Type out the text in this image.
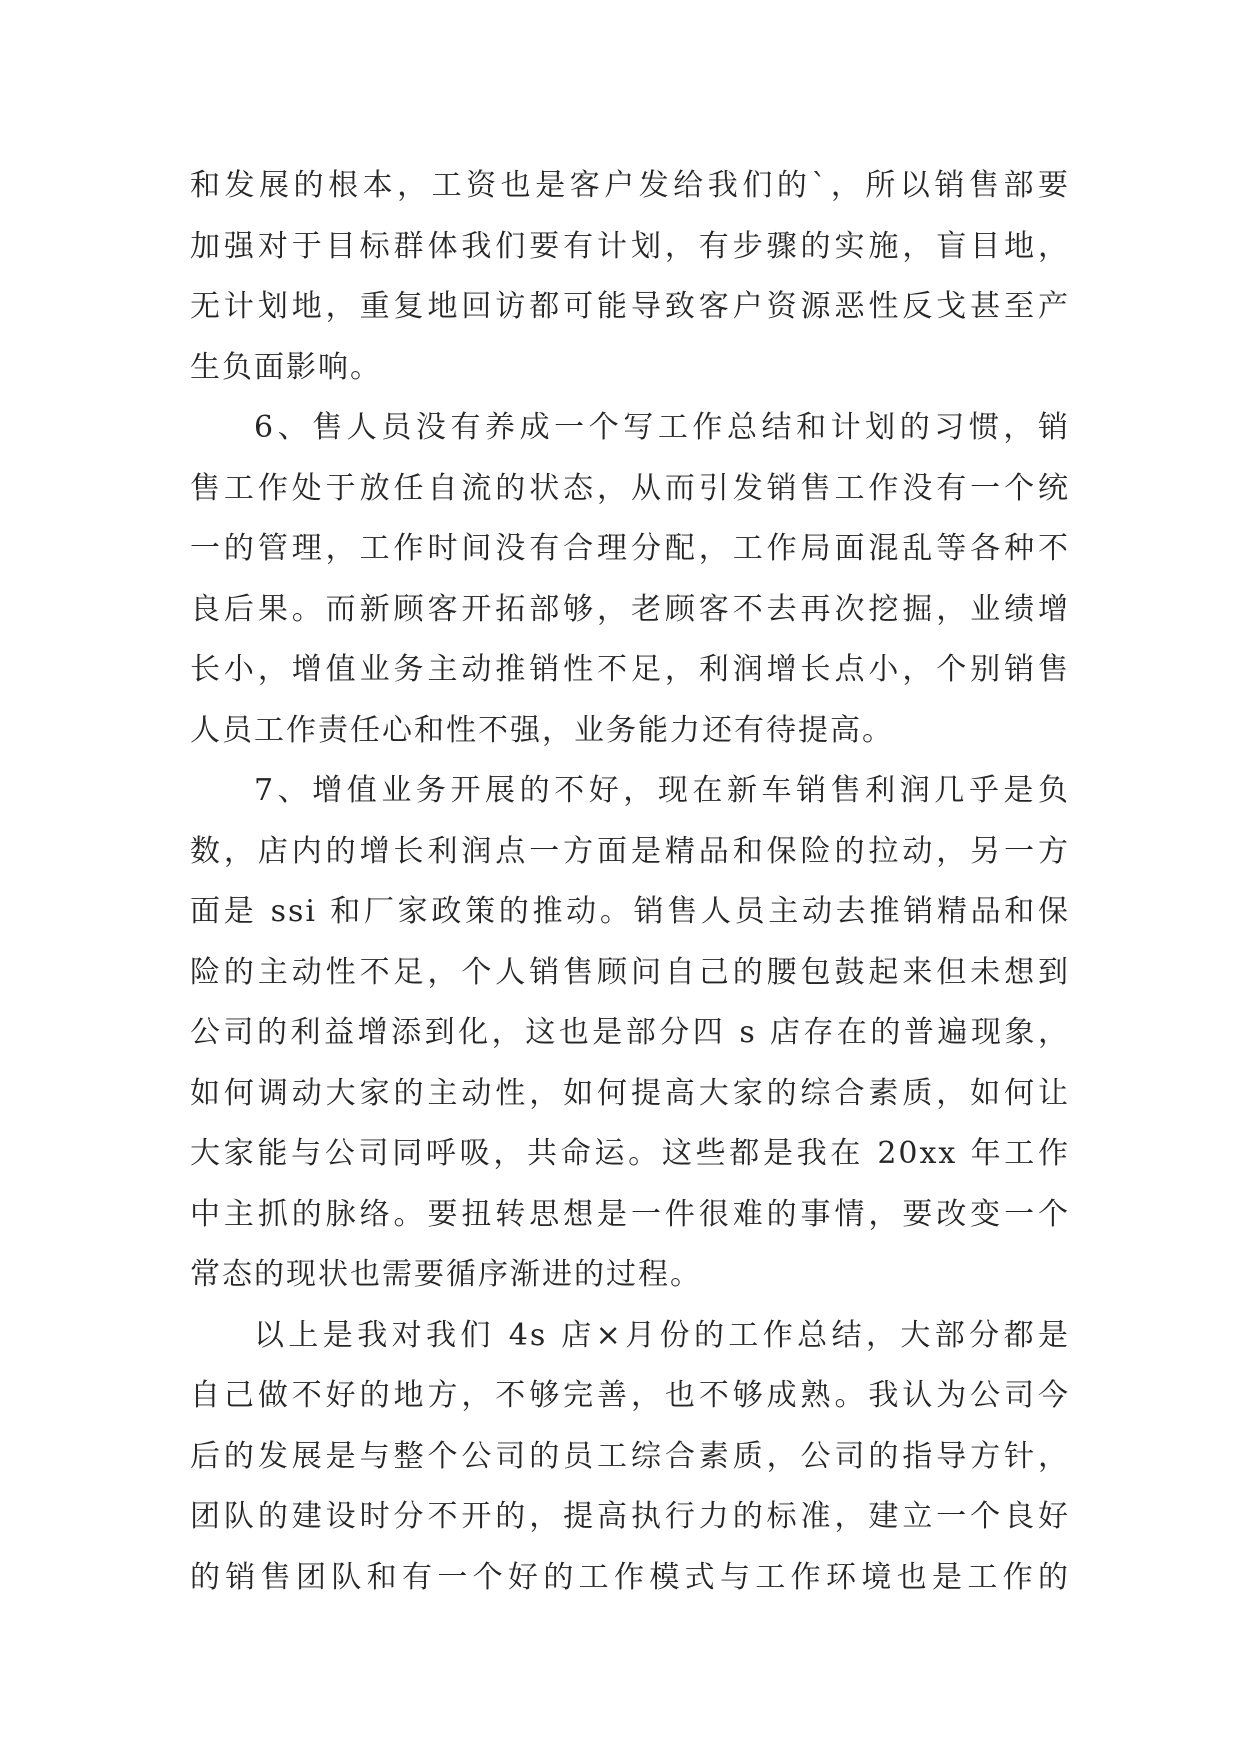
和发展的根本，工资也是客户发给我们的`，所以销售部要
加强对于目标群体我们要有计划，有步骤的实施，盲目地，
无计划地，重复地回访都可能导致客户资源恶性反戈甚至产
生负面影响。
6、售人员没有养成一个写工作总结和计划的习惯，销
售工作处于放任自流的状态，从而引发销售工作没有一个统
一的管理，工作时间没有合理分配，工作局面混乱等各种不
良后果。而新顾客开拓部够，老顾客不去再次挖掘，业绩增
长小，增值业务主动推销性不足，利润增长点小，个别销售
人员工作责任心和性不强，业务能力还有待提高。
7、增值业务开展的不好，现在新车销售利润几乎是负
数，店内的增长利润点一方面是精品和保险的拉动，另一方
面是 ssi 和厂家政策的推动。销售人员主动去推销精品和保
险的主动性不足，个人销售顾问自己的腰包鼓起来但未想到
公司的利益增添到化，这也是部分四 s 店存在的普遍现象，
如何调动大家的主动性，如何提高大家的综合素质，如何让
大家能与公司同呼吸，共命运。这些都是我在 20xx 年工作
中主抓的脉络。要扭转思想是一件很难的事情，要改变一个
常态的现状也需要循序渐进的过程。
以上是我对我们 4s 店×月份的工作总结，大部分都是
自己做不好的地方，不够完善，也不够成熟。我认为公司今
后的发展是与整个公司的员工综合素质，公司的指导方针，
团队的建设时分不开的，提高执行力的标准，建立一个良好
的销售团队和有一个好的工作模式与工作环境也是工作的
